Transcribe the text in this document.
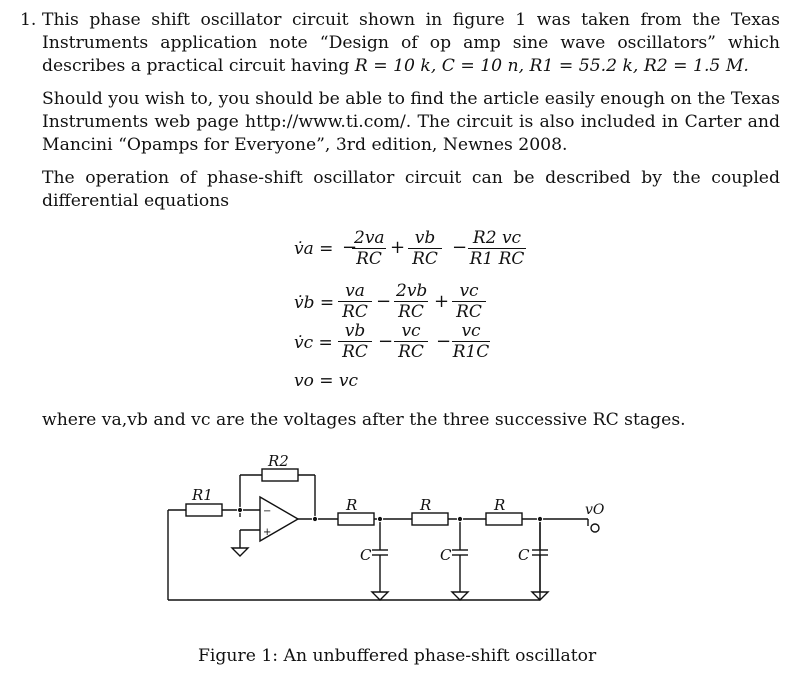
1. This phase shift oscillator circuit shown in figure 1 was taken from the Texas Instruments application note “Design of op amp sine wave oscillators” which describes a practical circuit having R = 10 k, C = 10 n, R1 = 55.2 k, R2 = 1.5 M.
Should you wish to, you should be able to find the article easily enough on the Texas Instruments web page http://www.ti.com/. The circuit is also included in Carter and Mancini “Opamps for Everyone”, 3rd edition, Newnes 2008.
The operation of phase-shift oscillator circuit can be described by the coupled differential equations
v̇a = −
$\frac{2va}{RC} + \frac{vb}{RC} - \frac{R2 vc}{R1 RC}$
v̇b = $\frac{va}{RC} - \frac{2vb}{RC} + \frac{vc}{RC}$
v̇c = $\frac{vb}{RC} - \frac{vc}{RC} - \frac{vc}{R1C}$
vo = vc
where va,vb and vc are the voltages after the three successive RC stages.
R2
R1
R	R	R
C	C	C
vO
−
+
Figure 1: An unbuffered phase-shift oscillator
